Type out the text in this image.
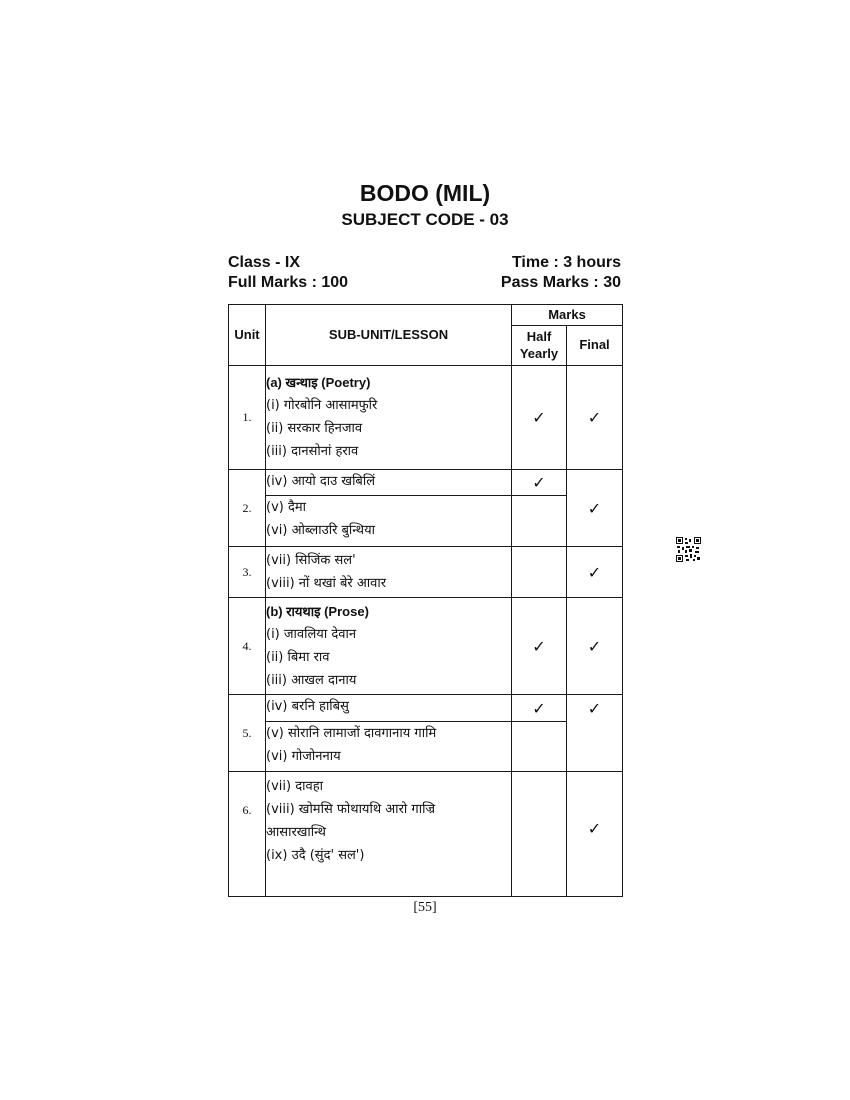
BODO (MIL)
SUBJECT CODE - 03
Class - IX	Time : 3 hours
Full Marks : 100	Pass Marks : 30
Unit	SUB-UNIT/LESSON	Marks	
		Half Yearly	Final
1.	(a) खन्थाइ (Poetry)
(i) गोरबोनि आसामफुरि
(ii) सरकार हिनजाव
(iii) दानसोनां हराव	✓	✓
2.	(iv) आयो दाउ खबिलिं	✓	✓

	(v) दैमा
(vi) ओब्लाउरि बुन्थिया		

3.	(vii) सिजिंक सल'
(viii) नों थखां बेरे आवार		✓
4.	(b) रायथाइ (Prose)
(i) जावलिया देवान
(ii) बिमा राव
(iii) आखल दानाय	✓	✓
5.	(iv) बरनि हाबिसु	✓	✓

	(v) सोरानि लामाजों दावगानाय गामि
(vi) गोजोननाय		

6.	(vii) दावहा
(viii) खोमसि फोथायथि आरो गाज्रि
आसारखान्थि
(ix) उदै (सुंद' सल')		✓
[55]
